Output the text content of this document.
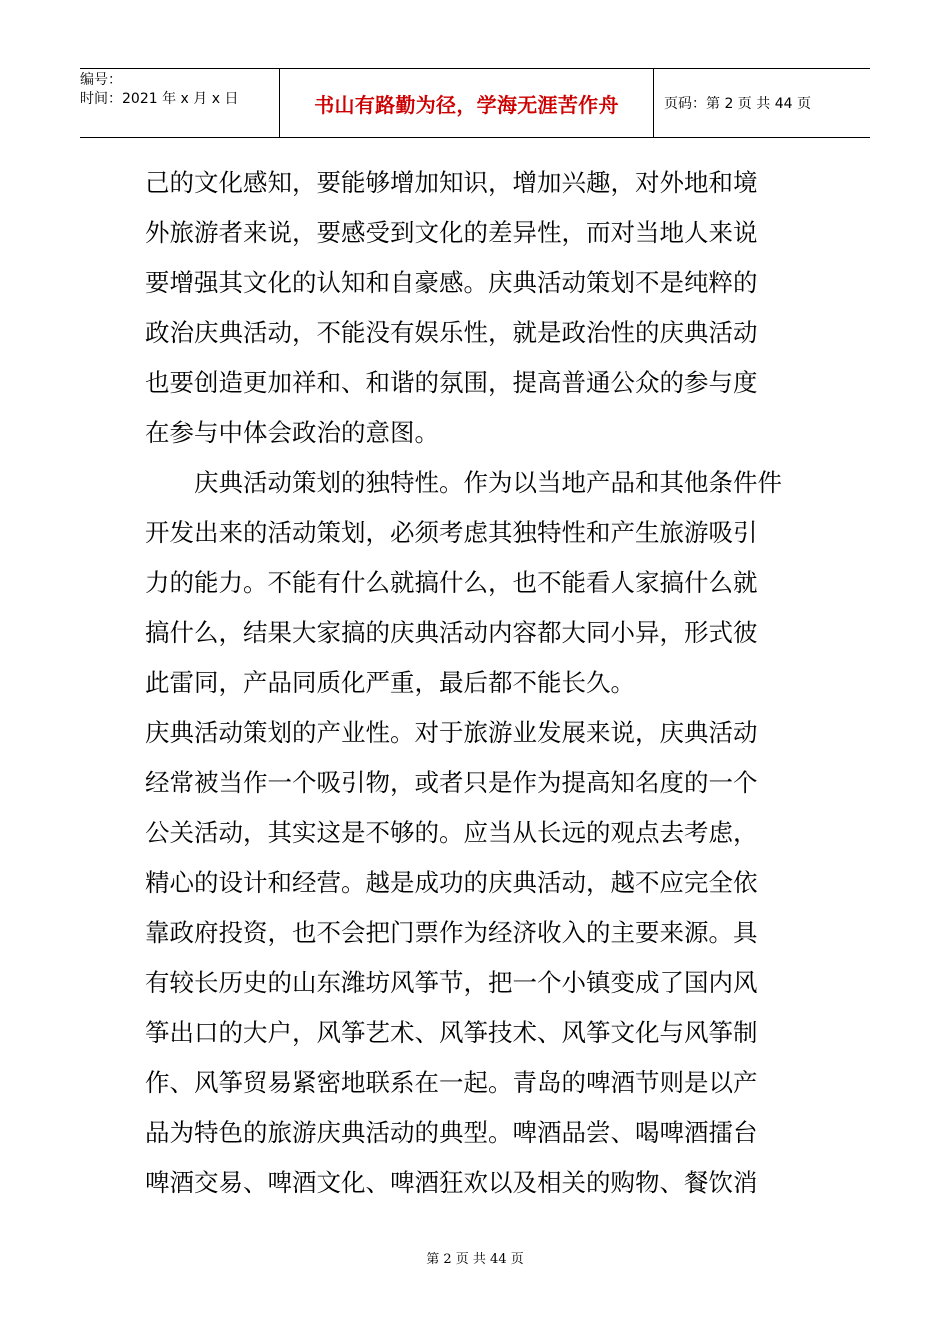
编号：
时间：2021 年 x 月 x 日	书山有路勤为径，学海无涯苦作舟	页码：第 2 页 共 44 页
己的文化感知，要能够增加知识，增加兴趣，对外地和境
外旅游者来说，要感受到文化的差异性，而对当地人来说
要增强其文化的认知和自豪感。庆典活动策划不是纯粹的
政治庆典活动，不能没有娱乐性，就是政治性的庆典活动
也要创造更加祥和、和谐的氛围，提高普通公众的参与度
在参与中体会政治的意图。
庆典活动策划的独特性。作为以当地产品和其他条件件
开发出来的活动策划，必须考虑其独特性和产生旅游吸引
力的能力。不能有什么就搞什么，也不能看人家搞什么就
搞什么，结果大家搞的庆典活动内容都大同小异，形式彼
此雷同，产品同质化严重，最后都不能长久。
庆典活动策划的产业性。对于旅游业发展来说，庆典活动
经常被当作一个吸引物，或者只是作为提高知名度的一个
公关活动，其实这是不够的。应当从长远的观点去考虑，
精心的设计和经营。越是成功的庆典活动，越不应完全依
靠政府投资，也不会把门票作为经济收入的主要来源。具
有较长历史的山东潍坊风筝节，把一个小镇变成了国内风
筝出口的大户，风筝艺术、风筝技术、风筝文化与风筝制
作、风筝贸易紧密地联系在一起。青岛的啤酒节则是以产
品为特色的旅游庆典活动的典型。啤酒品尝、喝啤酒擂台
啤酒交易、啤酒文化、啤酒狂欢以及相关的购物、餐饮消
第 2 页 共 44 页
